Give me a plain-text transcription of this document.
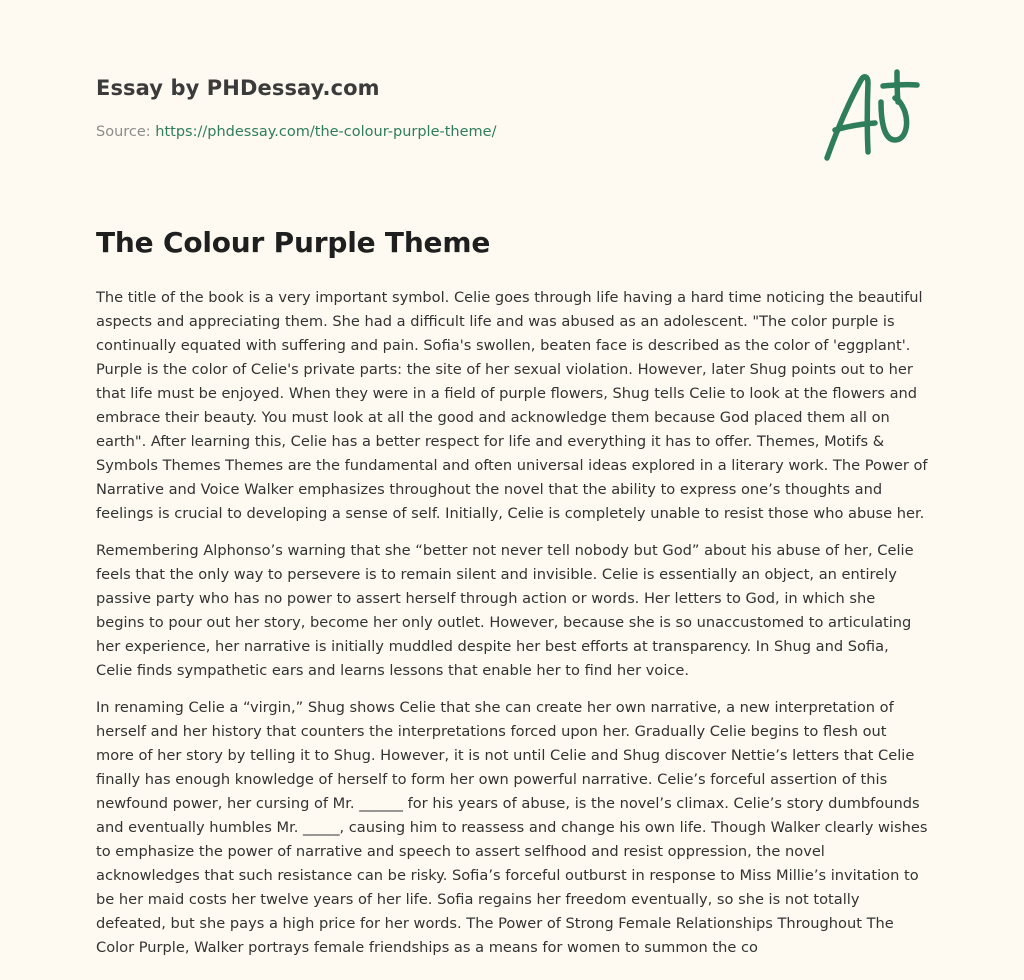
Essay by PHDessay.com
Source: https://phdessay.com/the-colour-purple-theme/
The Colour Purple Theme

The title of the book is a very important symbol. Celie goes through life having a hard time noticing the beautiful aspects and appreciating them. She had a difficult life and was abused as an adolescent. "The color purple is continually equated with suffering and pain. Sofia's swollen, beaten face is described as the color of 'eggplant'. Purple is the color of Celie's private parts: the site of her sexual violation. However, later Shug points out to her that life must be enjoyed. When they were in a field of purple flowers, Shug tells Celie to look at the flowers and embrace their beauty. You must look at all the good and acknowledge them because God placed them all on earth". After learning this, Celie has a better respect for life and everything it has to offer. Themes, Motifs & Symbols Themes Themes are the fundamental and often universal ideas explored in a literary work. The Power of Narrative and Voice Walker emphasizes throughout the novel that the ability to express one’s thoughts and feelings is crucial to developing a sense of self. Initially, Celie is completely unable to resist those who abuse her.

Remembering Alphonso’s warning that she “better not never tell nobody but God” about his abuse of her, Celie feels that the only way to persevere is to remain silent and invisible. Celie is essentially an object, an entirely passive party who has no power to assert herself through action or words. Her letters to God, in which she begins to pour out her story, become her only outlet. However, because she is so unaccustomed to articulating her experience, her narrative is initially muddled despite her best efforts at transparency. In Shug and Sofia, Celie finds sympathetic ears and learns lessons that enable her to find her voice.

In renaming Celie a “virgin,” Shug shows Celie that she can create her own narrative, a new interpretation of herself and her history that counters the interpretations forced upon her. Gradually Celie begins to flesh out more of her story by telling it to Shug. However, it is not until Celie and Shug discover Nettie’s letters that Celie finally has enough knowledge of herself to form her own powerful narrative. Celie’s forceful assertion of this newfound power, her cursing of Mr. ______ for his years of abuse, is the novel’s climax. Celie’s story dumbfounds and eventually humbles Mr. _____, causing him to reassess and change his own life. Though Walker clearly wishes to emphasize the power of narrative and speech to assert selfhood and resist oppression, the novel acknowledges that such resistance can be risky. Sofia’s forceful outburst in response to Miss Millie’s invitation to be her maid costs her twelve years of her life. Sofia regains her freedom eventually, so she is not totally defeated, but she pays a high price for her words. The Power of Strong Female Relationships Throughout The Color Purple, Walker portrays female friendships as a means for women to summon the co
